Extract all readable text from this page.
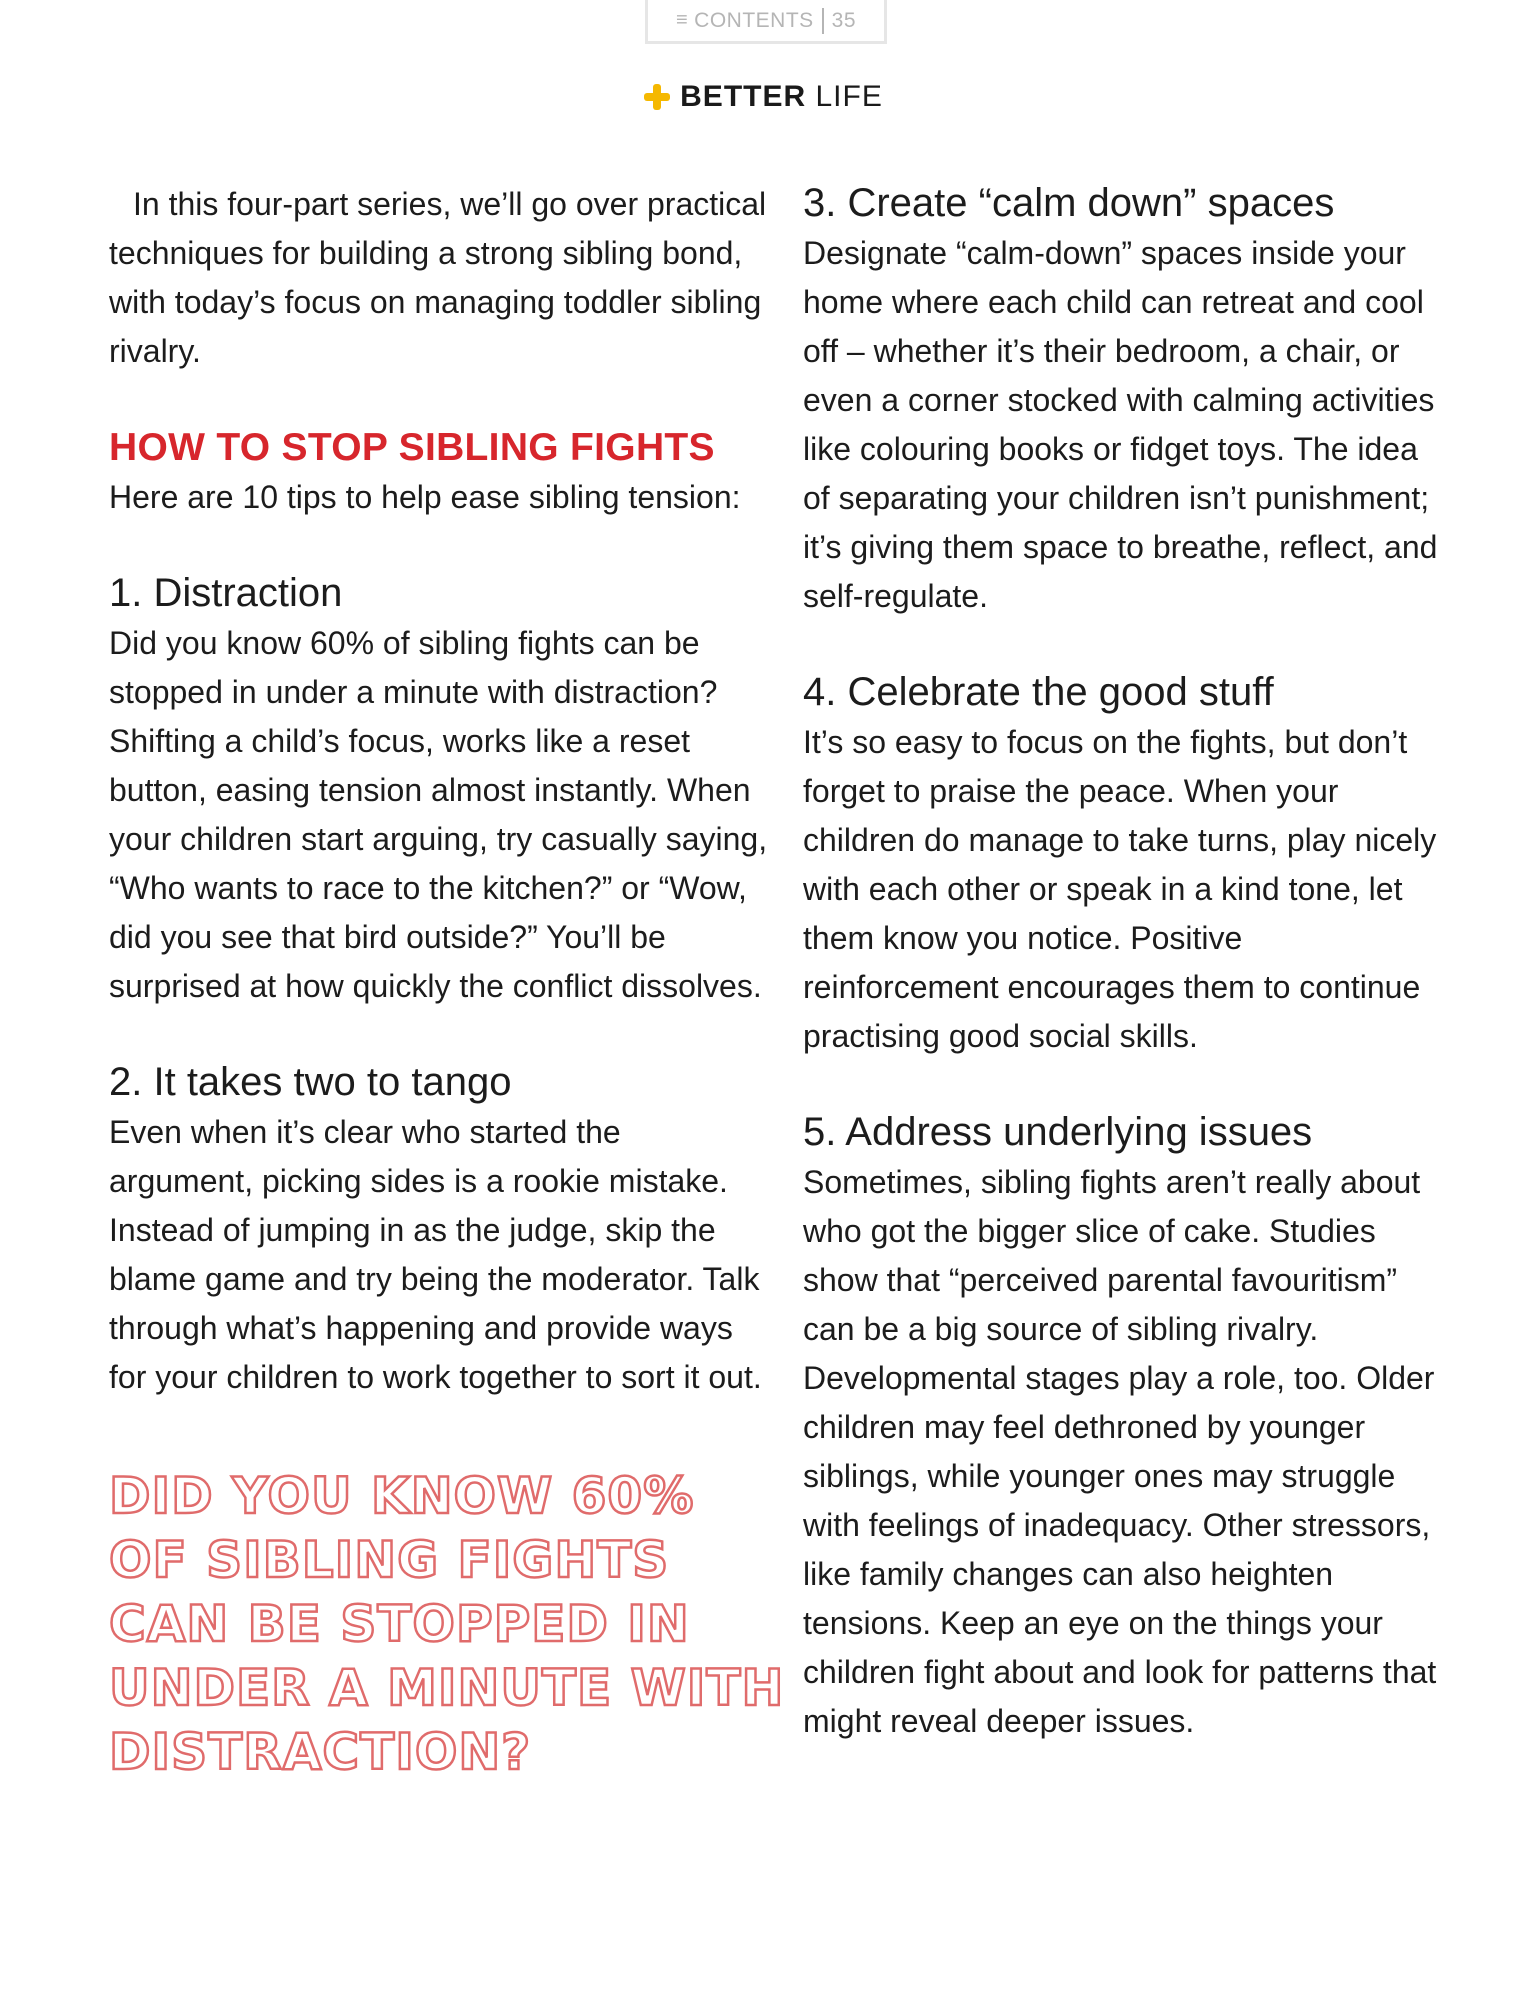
≡ CONTENTS 35
BETTER LIFE

In this four-part series, we’ll go over practical techniques for building a strong sibling bond, with today’s focus on managing toddler sibling rivalry.

HOW TO STOP SIBLING FIGHTS

Here are 10 tips to help ease sibling tension:

1. Distraction

Did you know 60% of sibling fights can be stopped in under a minute with distraction? Shifting a child’s focus, works like a reset button, easing tension almost instantly. When your children start arguing, try casually saying, “Who wants to race to the kitchen?” or “Wow, did you see that bird outside?” You’ll be surprised at how quickly the conflict dissolves.

2. It takes two to tango

Even when it’s clear who started the argument, picking sides is a rookie mistake. Instead of jumping in as the judge, skip the blame game and try being the moderator. Talk through what’s happening and provide ways for your children to work together to sort it out.

DID YOU KNOW 60% OF SIBLING FIGHTS CAN BE STOPPED IN UNDER A MINUTE WITH DISTRACTION?

3. Create “calm down” spaces

Designate “calm-down” spaces inside your home where each child can retreat and cool off – whether it’s their bedroom, a chair, or even a corner stocked with calming activities like colouring books or fidget toys. The idea of separating your children isn’t punishment; it’s giving them space to breathe, reflect, and self-regulate.

4. Celebrate the good stuff

It’s so easy to focus on the fights, but don’t forget to praise the peace. When your children do manage to take turns, play nicely with each other or speak in a kind tone, let them know you notice. Positive reinforcement encourages them to continue practising good social skills.

5. Address underlying issues

Sometimes, sibling fights aren’t really about who got the bigger slice of cake. Studies show that “perceived parental favouritism” can be a big source of sibling rivalry. Developmental stages play a role, too. Older children may feel dethroned by younger siblings, while younger ones may struggle with feelings of inadequacy. Other stressors, like family changes can also heighten tensions. Keep an eye on the things your children fight about and look for patterns that might reveal deeper issues.
